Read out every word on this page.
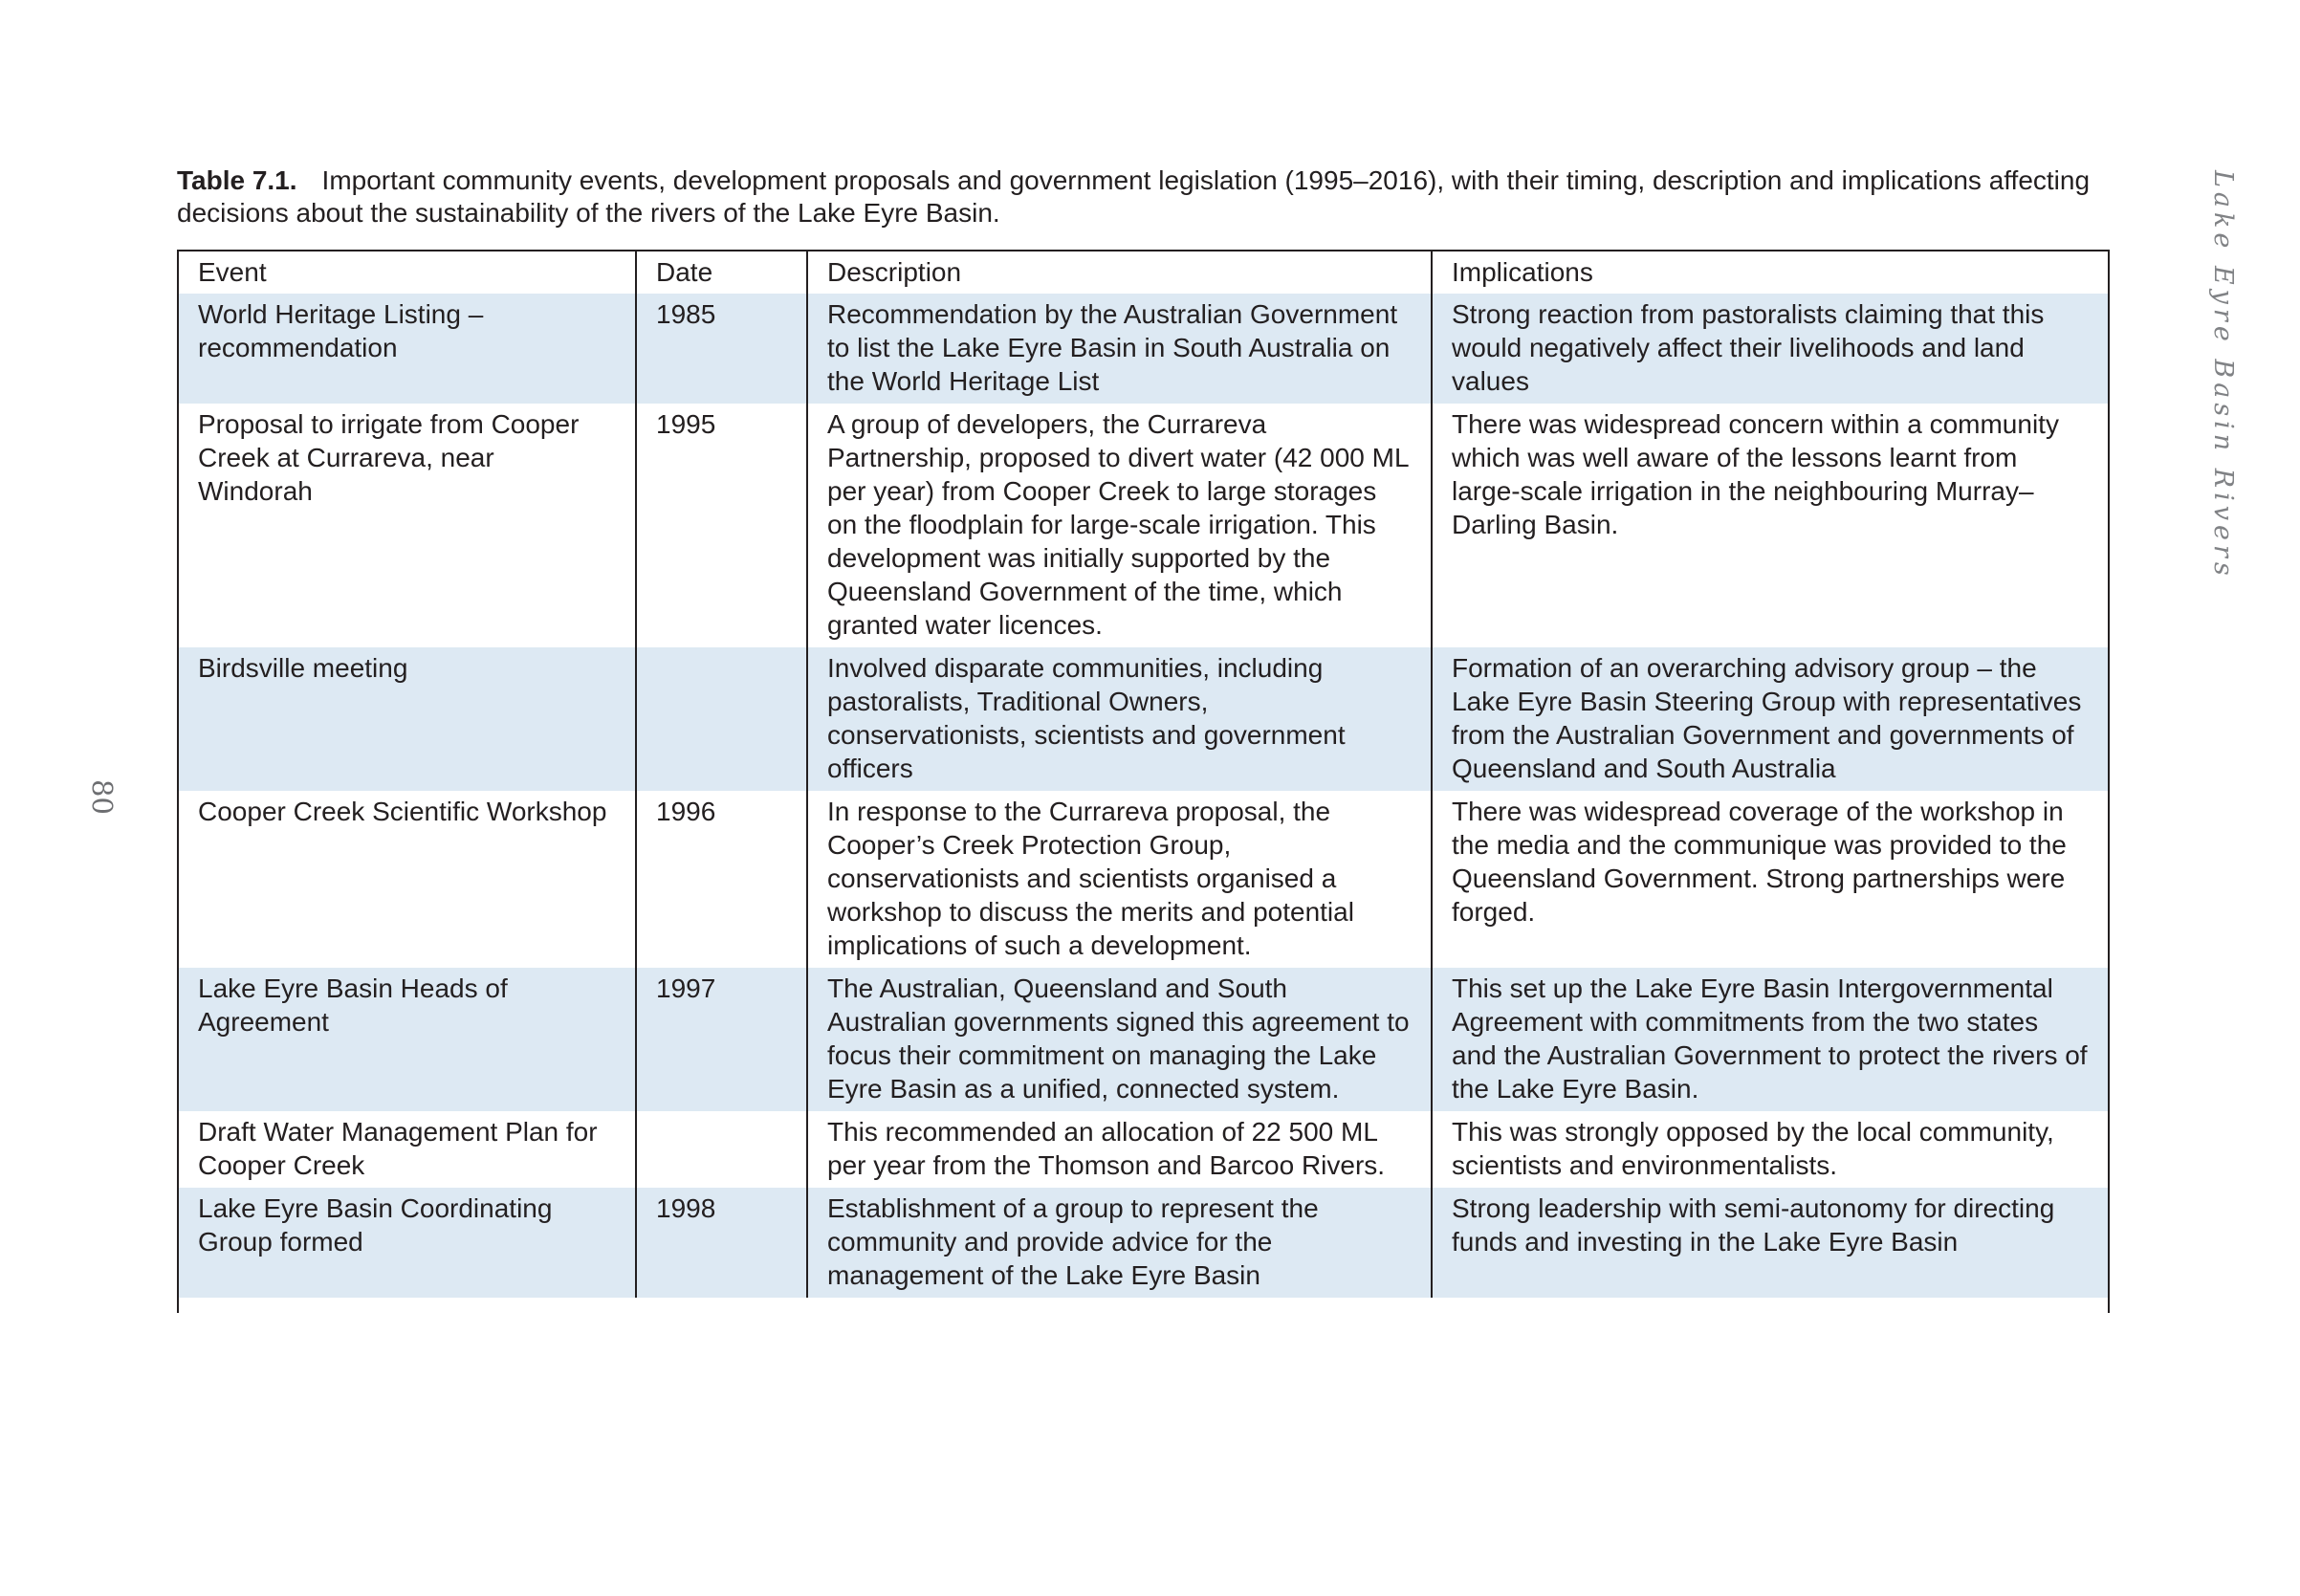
Table 7.1. Important community events, development proposals and government legislation (1995–2016), with their timing, description and implications affecting decisions about the sustainability of the rivers of the Lake Eyre Basin.
Event	Date	Description	Implications
World Heritage Listing – recommendation	1985	Recommendation by the Australian Government to list the Lake Eyre Basin in South Australia on the World Heritage List	Strong reaction from pastoralists claiming that this would negatively affect their livelihoods and land values
Proposal to irrigate from Cooper Creek at Currareva, near Windorah	1995	A group of developers, the Currareva Partnership, proposed to divert water (42 000 ML per year) from Cooper Creek to large storages on the floodplain for large-scale irrigation. This development was initially supported by the Queensland Government of the time, which granted water licences.	There was widespread concern within a community which was well aware of the lessons learnt from large-scale irrigation in the neighbouring Murray–Darling Basin.
Birdsville meeting		Involved disparate communities, including pastoralists, Traditional Owners, conservationists, scientists and government officers	Formation of an overarching advisory group – the Lake Eyre Basin Steering Group with representatives from the Australian Government and governments of Queensland and South Australia
Cooper Creek Scientific Workshop	1996	In response to the Currareva proposal, the Cooper’s Creek Protection Group, conservationists and scientists organised a workshop to discuss the merits and potential implications of such a development.	There was widespread coverage of the workshop in the media and the communique was provided to the Queensland Government. Strong partnerships were forged.
Lake Eyre Basin Heads of Agreement	1997	The Australian, Queensland and South Australian governments signed this agreement to focus their commitment on managing the Lake Eyre Basin as a unified, connected system.	This set up the Lake Eyre Basin Intergovernmental Agreement with commitments from the two states and the Australian Government to protect the rivers of the Lake Eyre Basin.
Draft Water Management Plan for Cooper Creek		This recommended an allocation of 22 500 ML per year from the Thomson and Barcoo Rivers.	This was strongly opposed by the local community, scientists and environmentalists.
Lake Eyre Basin Coordinating Group formed	1998	Establishment of a group to represent the community and provide advice for the management of the Lake Eyre Basin	Strong leadership with semi-autonomy for directing funds and investing in the Lake Eyre Basin
Lake Eyre Basin Rivers
80
